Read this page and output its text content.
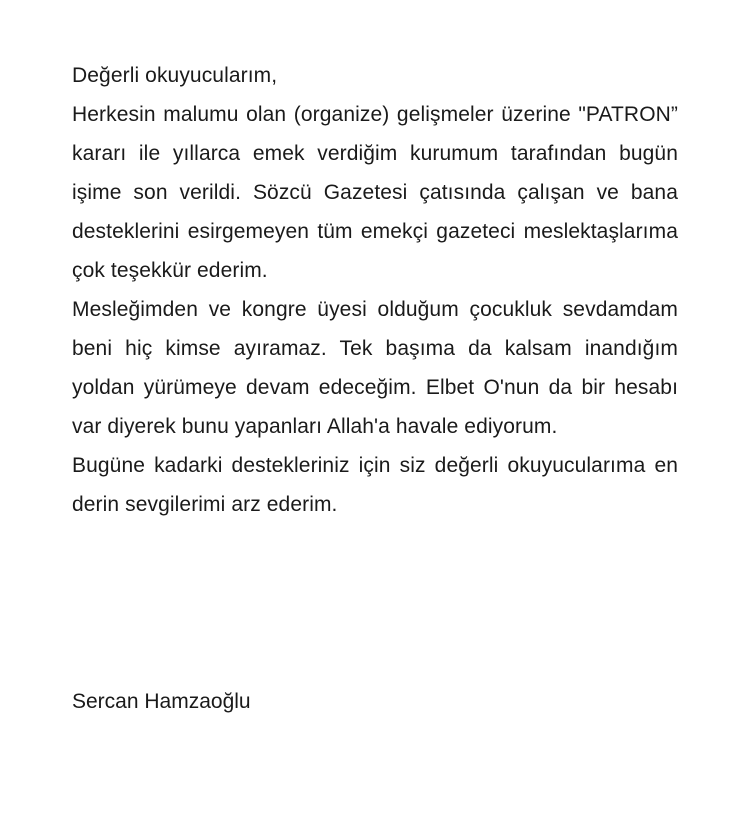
Değerli okuyucularım,

Herkesin malumu olan (organize) gelişmeler üzerine "PATRON” kararı ile yıllarca emek verdiğim kurumum tarafından bugün işime son verildi. Sözcü Gazetesi çatısında çalışan ve bana desteklerini esirgemeyen tüm emekçi gazeteci meslektaşlarıma çok teşekkür ederim.

Mesleğimden ve kongre üyesi olduğum çocukluk sevdamdam beni hiç kimse ayıramaz. Tek başıma da kalsam inandığım yoldan yürümeye devam edeceğim. Elbet O'nun da bir hesabı var diyerek bunu yapanları Allah'a havale ediyorum.

Bugüne kadarki destekleriniz için siz değerli okuyucularıma en derin sevgilerimi arz ederim.

Sercan Hamzaoğlu
